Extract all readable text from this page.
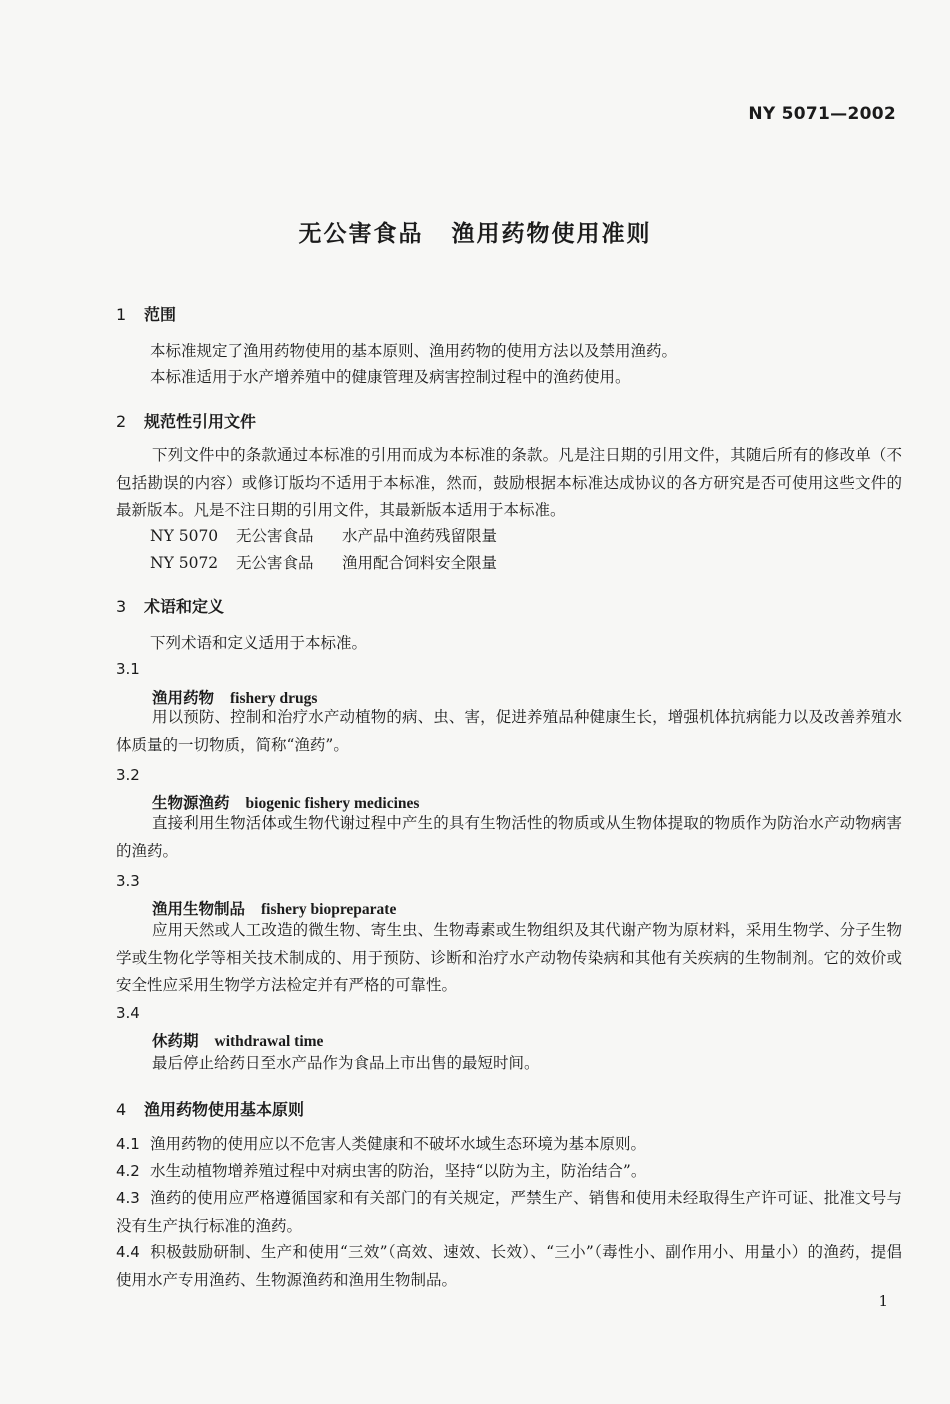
NY 5071—2002
无公害食品 渔用药物使用准则
1 范围
本标准规定了渔用药物使用的基本原则、渔用药物的使用方法以及禁用渔药。
本标准适用于水产增养殖中的健康管理及病害控制过程中的渔药使用。
2 规范性引用文件
下列文件中的条款通过本标准的引用而成为本标准的条款。凡是注日期的引用文件，其随后所有的修改单（不包括勘误的内容）或修订版均不适用于本标准，然而，鼓励根据本标准达成协议的各方研究是否可使用这些文件的最新版本。凡是不注日期的引用文件，其最新版本适用于本标准。
NY 5070 无公害食品 水产品中渔药残留限量
NY 5072 无公害食品 渔用配合饲料安全限量
3 术语和定义
下列术语和定义适用于本标准。
3.1
渔用药物 fishery drugs
用以预防、控制和治疗水产动植物的病、虫、害，促进养殖品种健康生长，增强机体抗病能力以及改善养殖水体质量的一切物质，简称“渔药”。
3.2
生物源渔药 biogenic fishery medicines
直接利用生物活体或生物代谢过程中产生的具有生物活性的物质或从生物体提取的物质作为防治水产动物病害的渔药。
3.3
渔用生物制品 fishery biopreparate
应用天然或人工改造的微生物、寄生虫、生物毒素或生物组织及其代谢产物为原材料，采用生物学、分子生物学或生物化学等相关技术制成的、用于预防、诊断和治疗水产动物传染病和其他有关疾病的生物制剂。它的效价或安全性应采用生物学方法检定并有严格的可靠性。
3.4
休药期 withdrawal time
最后停止给药日至水产品作为食品上市出售的最短时间。
4 渔用药物使用基本原则
4.1 渔用药物的使用应以不危害人类健康和不破坏水域生态环境为基本原则。
4.2 水生动植物增养殖过程中对病虫害的防治，坚持“以防为主，防治结合”。
4.3 渔药的使用应严格遵循国家和有关部门的有关规定，严禁生产、销售和使用未经取得生产许可证、批准文号与没有生产执行标准的渔药。
4.4 积极鼓励研制、生产和使用“三效”（高效、速效、长效）、“三小”（毒性小、副作用小、用量小）的渔药，提倡使用水产专用渔药、生物源渔药和渔用生物制品。
1
